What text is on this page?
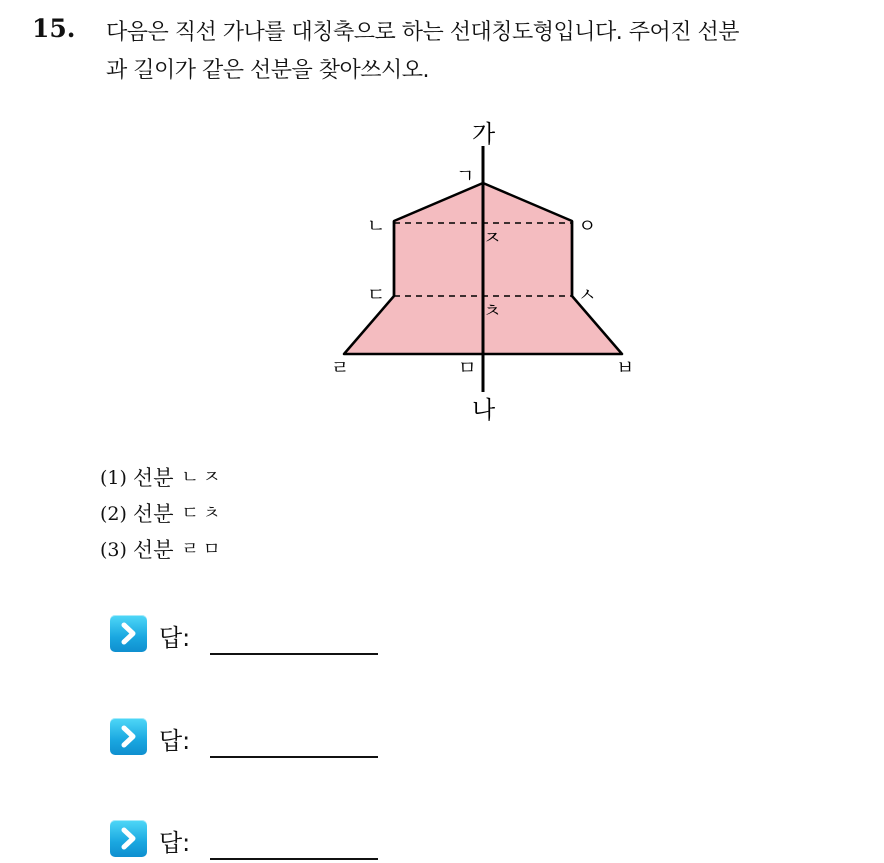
15. 다음은 직선 가나를 대칭축으로 하는 선대칭도형입니다. 주어진 선분
과 길이가 같은 선분을 찾아쓰시오.
가
나
ㄱ
ㄴ	ㅇ
ㅈ
ㄷ	ㅅ
ㅊ
ㄹ	ㅁ	ㅂ
(1) 선분 ㄴㅈ
(2) 선분 ㄷㅊ
(3) 선분 ㄹㅁ
답:
답:
답:
